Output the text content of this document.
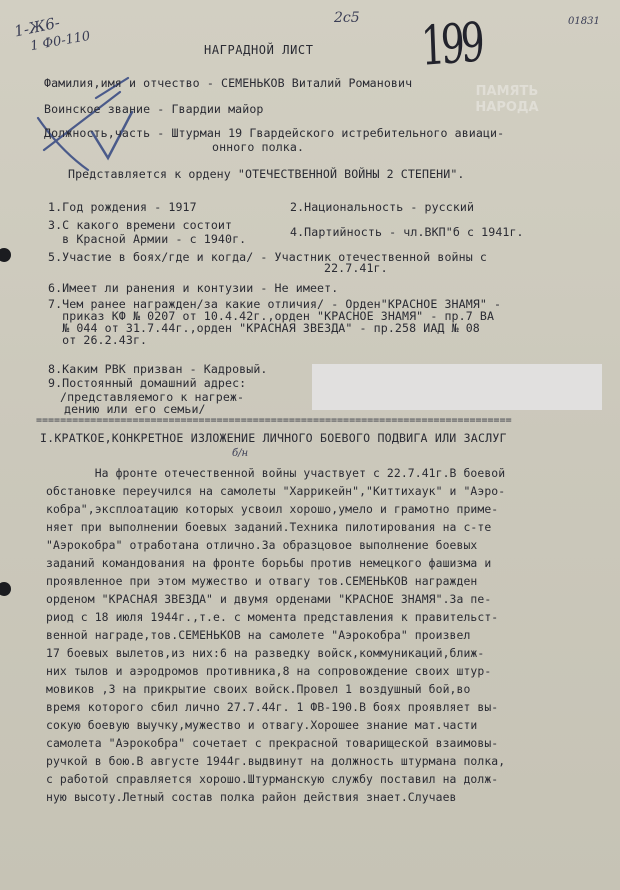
ПАМЯТЬ
НАРОДА
1-Ж6-
1 Ф0-110
2с5 199	01831
б/н
НАГРАДНОЙ ЛИСТ
Фамилия,имя и отчество - СЕМЕНЬКОВ Виталий Романович
Воинское звание - Гвардии майор
Должность,часть - Штурман 19 Гвардейского истребительного авиаци-
онного полка.
Представляется к ордену "ОТЕЧЕСТВЕННОЙ ВОЙНЫ 2 СТЕПЕНИ".
1.Год рождения - 1917	2.Национальность - русский
3.С какого времени состоит
в Красной Армии - с 1940г.	4.Партийность - чл.ВКП"б с 1941г.
5.Участие в боях/где и когда/ - Участник отечественной войны с
22.7.41г.
6.Имеет ли ранения и контузии - Не имеет.
7.Чем ранее награжден/за какие отличия/ - Орден"КРАСНОЕ ЗНАМЯ" -
приказ КФ № 0207 от 10.4.42г.,орден "КРАСНОЕ ЗНАМЯ" - пр.7 ВА
№ 044 от 31.7.44г.,орден "КРАСНАЯ ЗВЕЗДА" - пр.258 ИАД № 08
от 26.2.43г.
8.Каким РВК призван - Кадровый.
9.Постоянный домашний адрес:
/представляемого к нагреж-
дению или его семьи/
===============================================================================
I.КРАТКОЕ,КОНКРЕТНОЕ ИЗЛОЖЕНИЕ ЛИЧНОГО БОЕВОГО ПОДВИГА ИЛИ ЗАСЛУГ
На фронте отечественной войны участвует с 22.7.41г.В боевой
обстановке переучился на самолеты "Харрикейн","Киттихаук" и "Аэро-
кобра",эксплоатацию которых усвоил хорошо,умело и грамотно приме-
няет при выполнении боевых заданий.Техника пилотирования на с-те
"Аэрокобра" отработана отлично.За образцовое выполнение боевых
заданий командования на фронте борьбы против немецкого фашизма и
проявленное при этом мужество и отвагу тов.СЕМЕНЬКОВ награжден
орденом "КРАСНАЯ ЗВЕЗДА" и двумя орденами "КРАСНОЕ ЗНАМЯ".За пе-
риод с 18 июля 1944г.,т.е. с момента представления к правительст-
венной награде,тов.СЕМЕНЬКОВ на самолете "Аэрокобра" произвел
17 боевых вылетов,из них:6 на разведку войск,коммуникаций,ближ-
них тылов и аэродромов противника,8 на сопровождение своих штур-
мовиков ,3 на прикрытие своих войск.Провел 1 воздушный бой,во
время которого сбил лично 27.7.44г. 1 ФВ-190.В боях проявляет вы-
сокую боевую выучку,мужество и отвагу.Хорошее знание мат.части
самолета "Аэрокобра" сочетает с прекрасной товарищеской взаимовы-
ручкой в бою.В августе 1944г.выдвинут на должность штурмана полка,
с работой справляется хорошо.Штурманскую службу поставил на долж-
ную высоту.Летный состав полка район действия знает.Случаев
